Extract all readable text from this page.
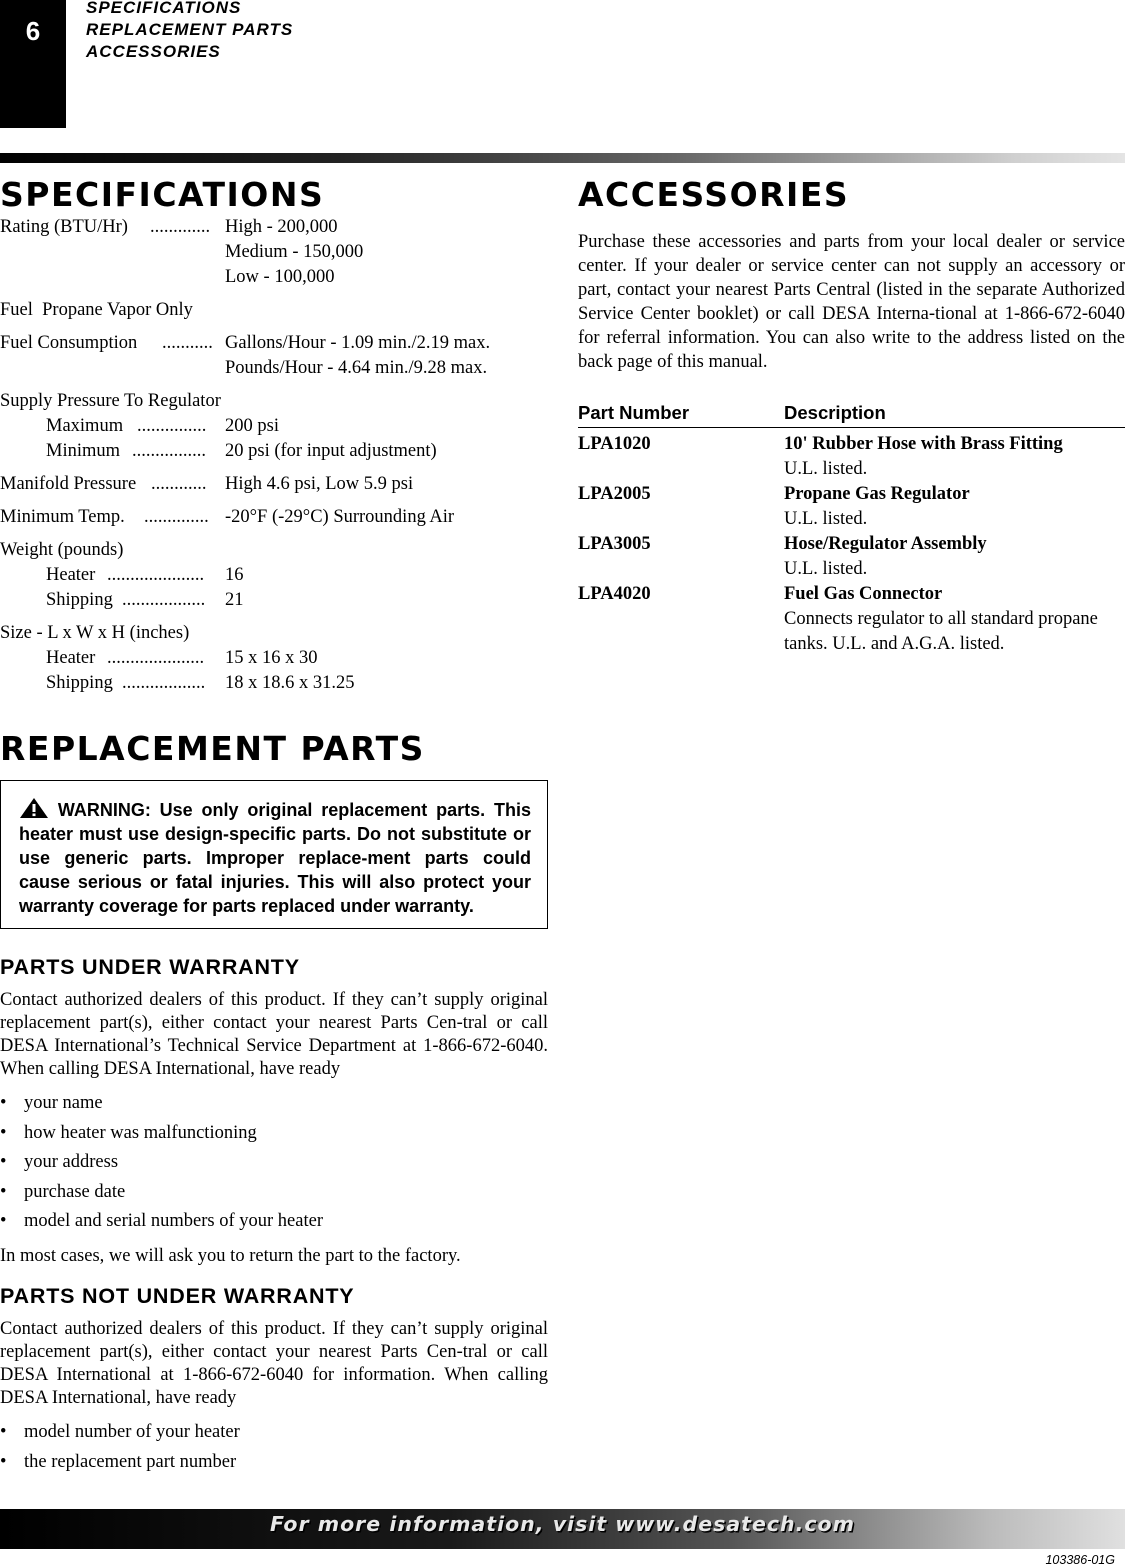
6
SPECIFICATIONS
REPLACEMENT PARTS
ACCESSORIES
SPECIFICATIONS
Rating (BTU/Hr) ............. High - 200,000
Medium - 150,000
Low - 100,000
Fuel  Propane Vapor Only
Fuel Consumption ........... Gallons/Hour - 1.09 min./2.19 max.
Pounds/Hour - 4.64 min./9.28 max.
Supply Pressure To Regulator
Maximum ............... 200 psi
Minimum ................ 20 psi (for input adjustment)
Manifold Pressure ............ High 4.6 psi, Low 5.9 psi
Minimum Temp. .............. -20°F (-29°C) Surrounding Air
Weight (pounds)
Heater ..................... 16
Shipping .................. 21
Size - L x W x H (inches)
Heater ..................... 15 x 16 x 30
Shipping .................. 18 x 18.6 x 31.25
REPLACEMENT PARTS
WARNING: Use only original replacement parts. This heater must use design-specific parts. Do not substitute or use generic parts. Improper replace-ment parts could cause serious or fatal injuries. This will also protect your warranty coverage for parts replaced under warranty.
PARTS UNDER WARRANTY

Contact authorized dealers of this product. If they can’t supply original replacement part(s), either contact your nearest Parts Cen-tral or call DESA International’s Technical Service Department at 1-866-672-6040. When calling DESA International, have ready

• your name
• how heater was malfunctioning
• your address
• purchase date
• model and serial numbers of your heater

In most cases, we will ask you to return the part to the factory.

PARTS NOT UNDER WARRANTY

Contact authorized dealers of this product. If they can’t supply original replacement part(s), either contact your nearest Parts Cen-tral or call DESA International at 1-866-672-6040 for information. When calling DESA International, have ready

• model number of your heater
• the replacement part number
ACCESSORIES

Purchase these accessories and parts from your local dealer or service center. If your dealer or service center can not supply an accessory or part, contact your nearest Parts Central (listed in the separate Authorized Service Center booklet) or call DESA Interna-tional at 1-866-672-6040 for referral information. You can also write to the address listed on the back page of this manual.

Part Number	Description
LPA1020	10' Rubber Hose with Brass Fitting
U.L. listed.
LPA2005	Propane Gas Regulator
U.L. listed.
LPA3005	Hose/Regulator Assembly
U.L. listed.
LPA4020	Fuel Gas Connector
Connects regulator to all standard propane tanks. U.L. and A.G.A. listed.
For more information, visit www.desatech.com
103386-01G
